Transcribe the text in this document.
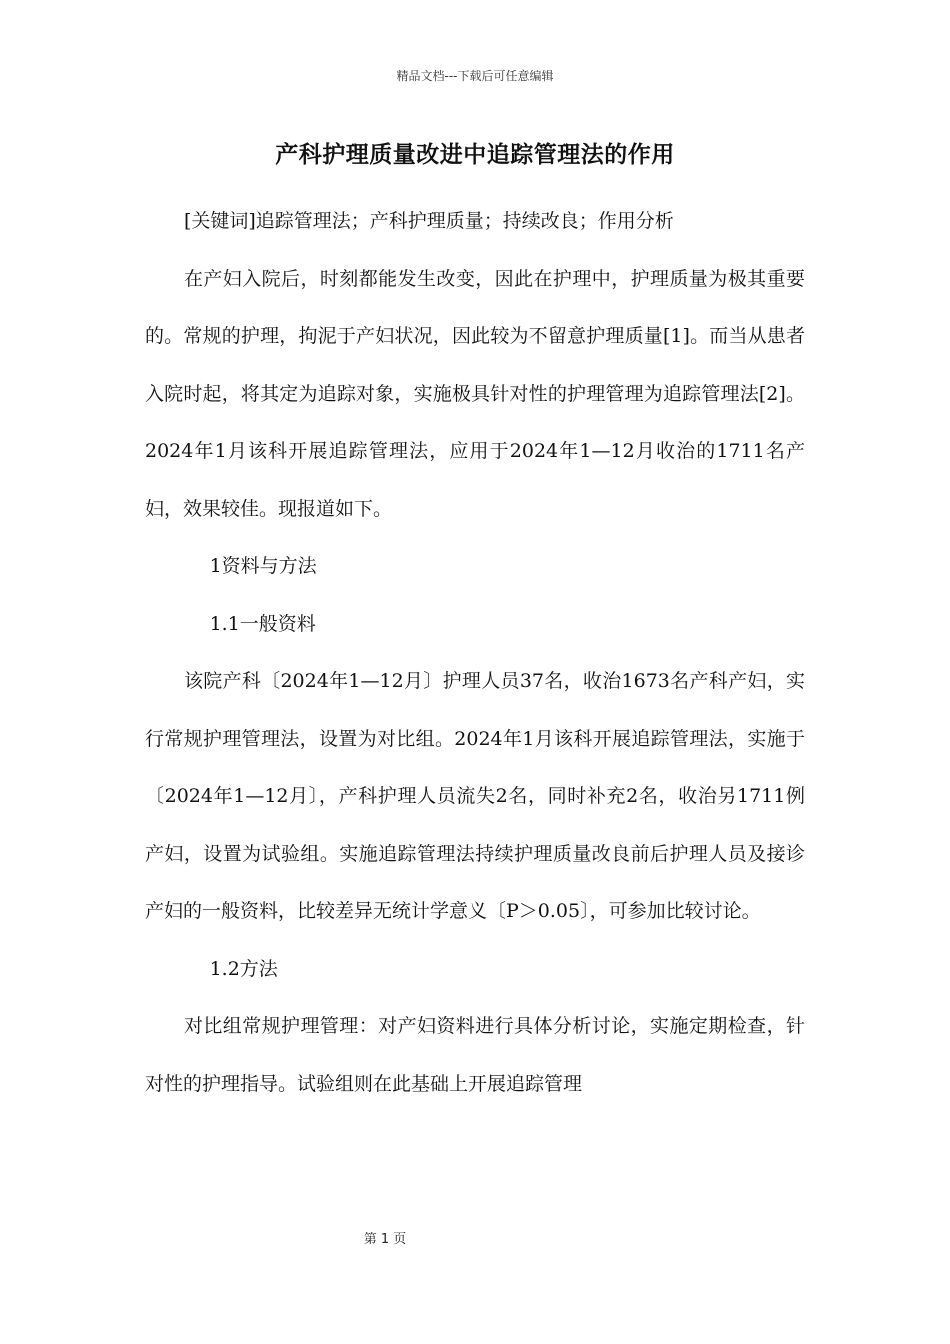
精品文档---下载后可任意编辑
产科护理质量改进中追踪管理法的作用

[关键词]追踪管理法；产科护理质量；持续改良；作用分析

在产妇入院后，时刻都能发生改变，因此在护理中，护理质量为极其重要的。常规的护理，拘泥于产妇状况，因此较为不留意护理质量[1]。而当从患者入院时起，将其定为追踪对象，实施极具针对性的护理管理为追踪管理法[2]。2024年1月该科开展追踪管理法，应用于2024年1—12月收治的1711名产妇，效果较佳。现报道如下。

1资料与方法

1.1一般资料

该院产科〔2024年1—12月〕护理人员37名，收治1673名产科产妇，实行常规护理管理法，设置为对比组。2024年1月该科开展追踪管理法，实施于〔2024年1—12月〕，产科护理人员流失2名，同时补充2名，收治另1711例产妇，设置为试验组。实施追踪管理法持续护理质量改良前后护理人员及接诊产妇的一般资料，比较差异无统计学意义〔P＞0.05〕，可参加比较讨论。

1.2方法

对比组常规护理管理：对产妇资料进行具体分析讨论，实施定期检查，针对性的护理指导。试验组则在此基础上开展追踪管理

第 1 页
